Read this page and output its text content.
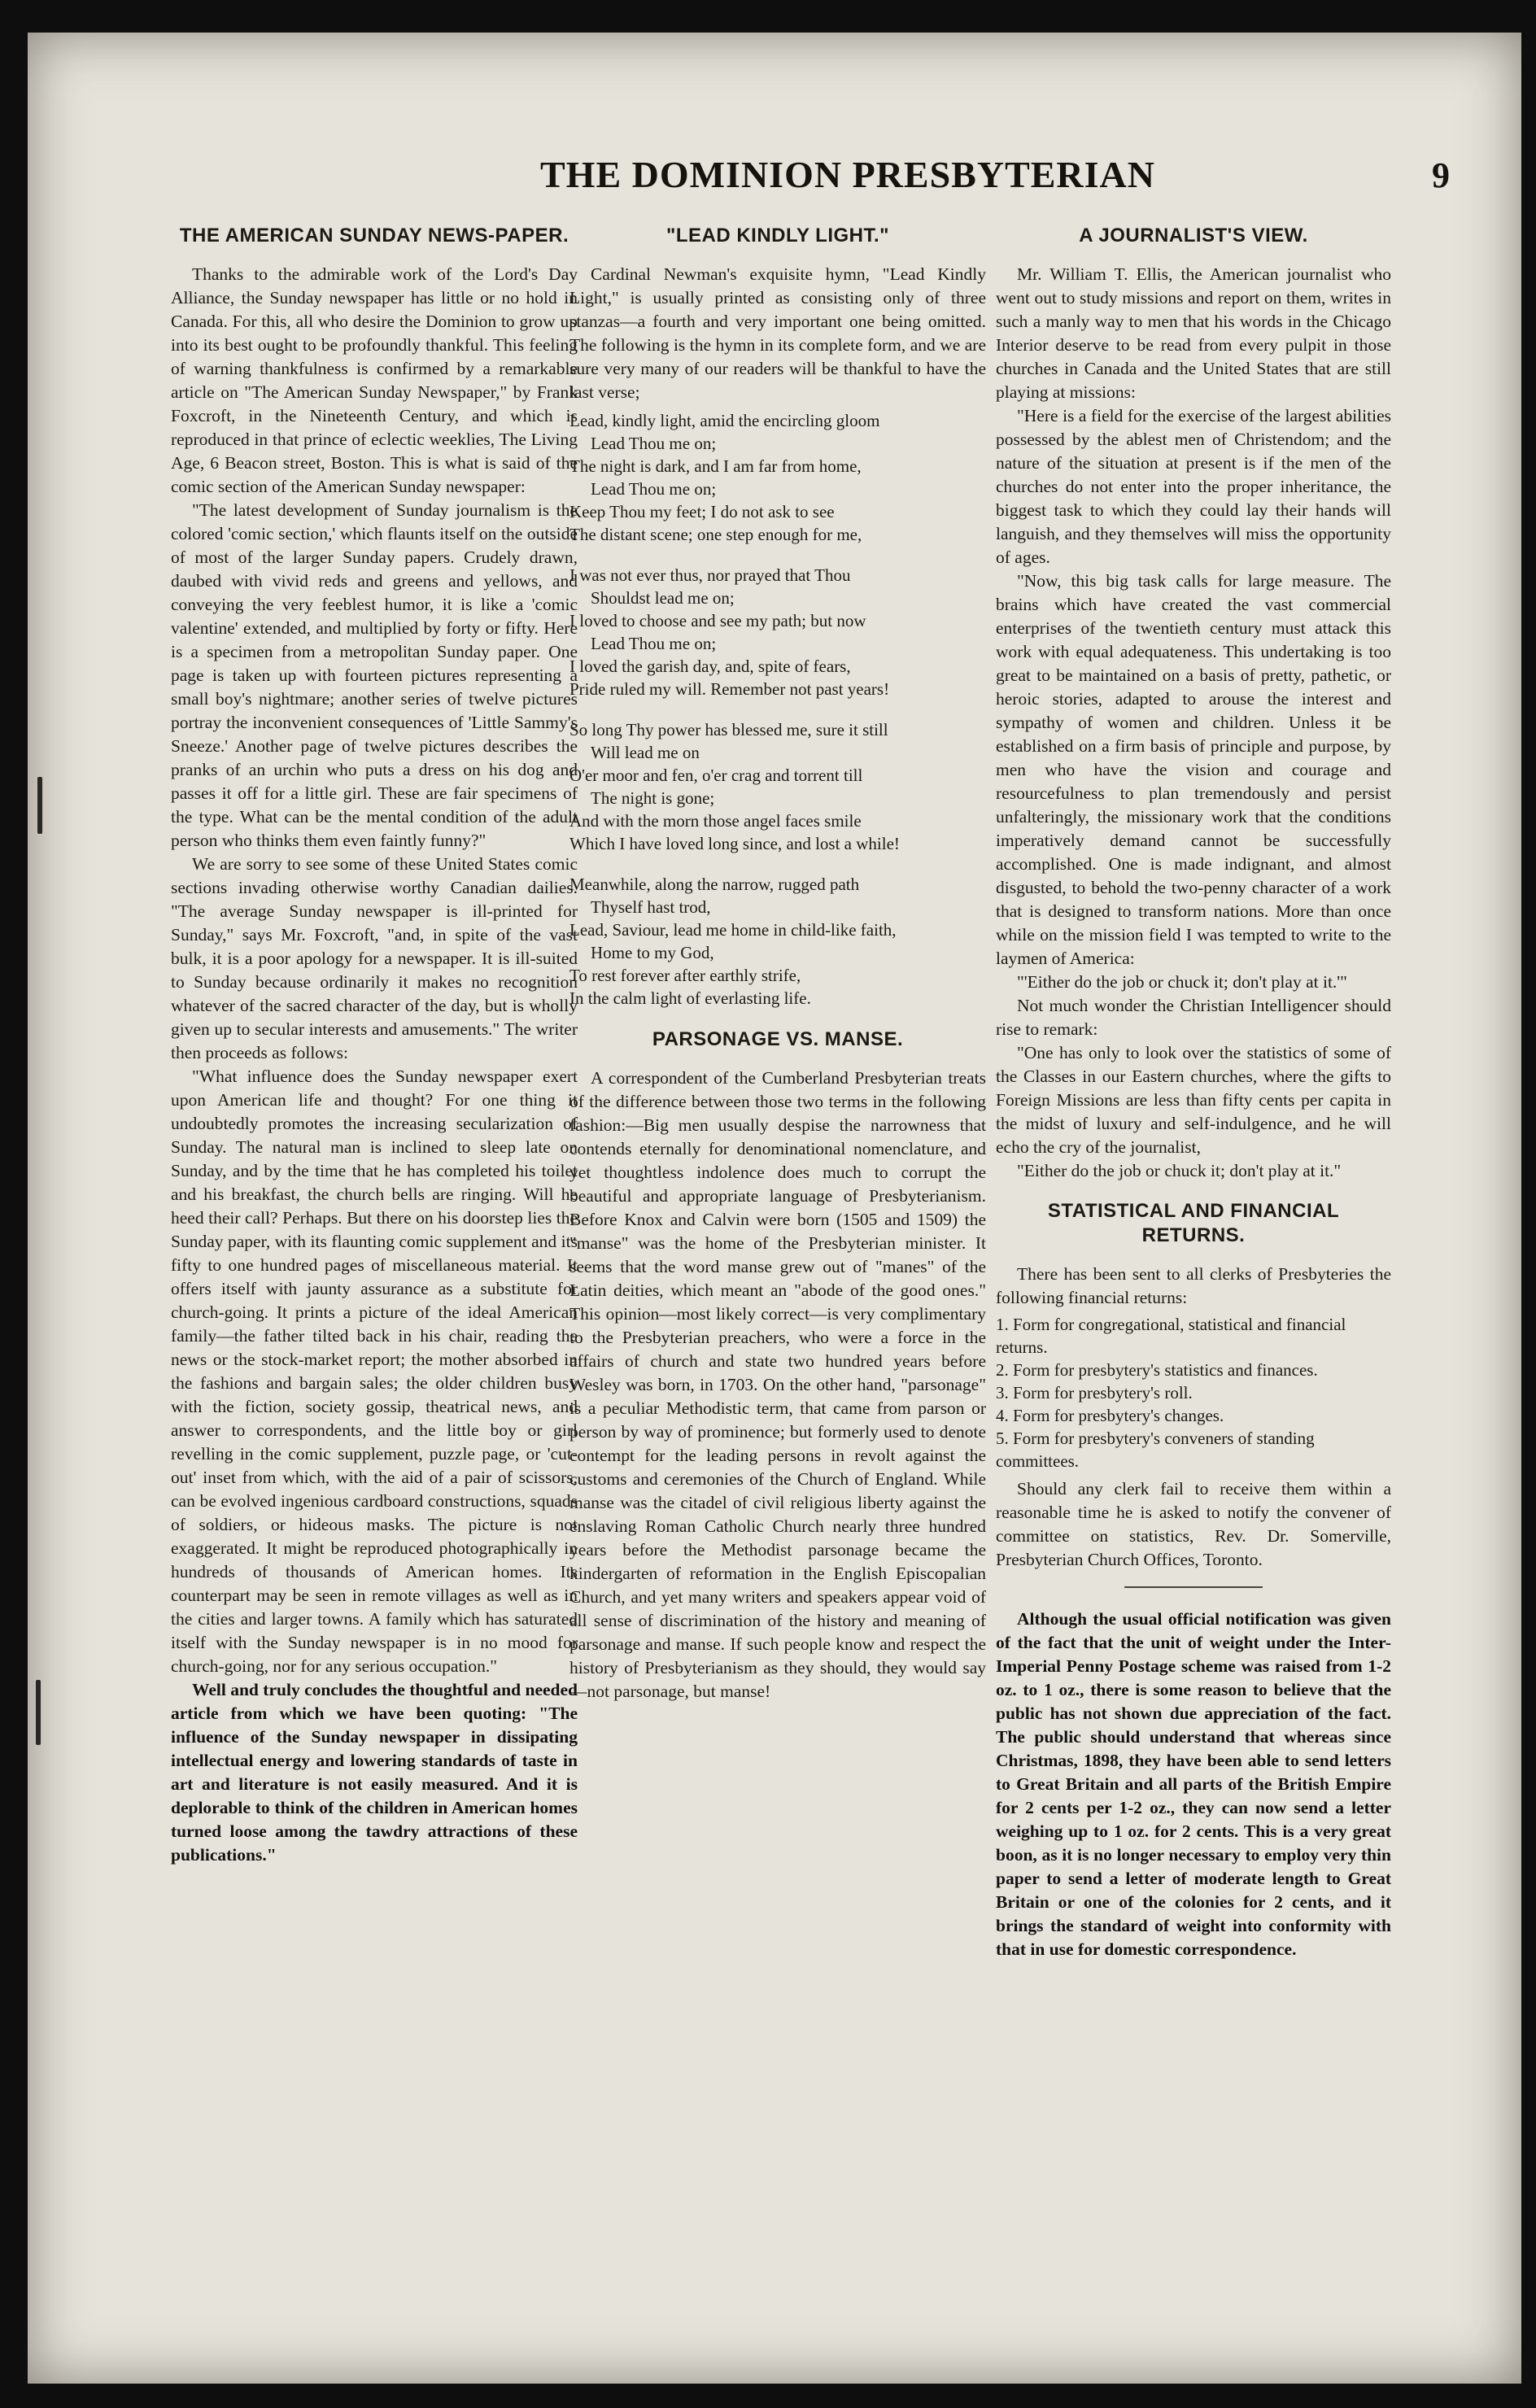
THE DOMINION PRESBYTERIAN	9
THE AMERICAN SUNDAY NEWS-PAPER.

Thanks to the admirable work of the Lord's Day Alliance, the Sunday newspaper has little or no hold in Canada. For this, all who desire the Dominion to grow up into its best ought to be profoundly thankful. This feeling of warning thankfulness is confirmed by a remarkable article on "The American Sunday Newspaper," by Frank Foxcroft, in the Nineteenth Century, and which is reproduced in that prince of eclectic weeklies, The Living Age, 6 Beacon street, Boston. This is what is said of the comic section of the American Sunday newspaper:

"The latest development of Sunday journalism is the colored 'comic section,' which flaunts itself on the outside of most of the larger Sunday papers. Crudely drawn, daubed with vivid reds and greens and yellows, and conveying the very feeblest humor, it is like a 'comic valentine' extended, and multiplied by forty or fifty. Here is a specimen from a metropolitan Sunday paper. One page is taken up with fourteen pictures representing a small boy's nightmare; another series of twelve pictures portray the inconvenient consequences of 'Little Sammy's Sneeze.' Another page of twelve pictures describes the pranks of an urchin who puts a dress on his dog and passes it off for a little girl. These are fair specimens of the type. What can be the mental condition of the adult person who thinks them even faintly funny?"

We are sorry to see some of these United States comic sections invading otherwise worthy Canadian dailies. "The average Sunday newspaper is ill-printed for Sunday," says Mr. Foxcroft, "and, in spite of the vast bulk, it is a poor apology for a newspaper. It is ill-suited to Sunday because ordinarily it makes no recognition whatever of the sacred character of the day, but is wholly given up to secular interests and amusements." The writer then proceeds as follows:

"What influence does the Sunday newspaper exert upon American life and thought? For one thing it undoubtedly promotes the increasing secularization of Sunday. The natural man is inclined to sleep late on Sunday, and by the time that he has completed his toilet and his breakfast, the church bells are ringing. Will he heed their call? Perhaps. But there on his doorstep lies the Sunday paper, with its flaunting comic supplement and its fifty to one hundred pages of miscellaneous material. It offers itself with jaunty assurance as a substitute for church-going. It prints a picture of the ideal American family—the father tilted back in his chair, reading the news or the stock-market report; the mother absorbed in the fashions and bargain sales; the older children busy with the fiction, society gossip, theatrical news, and answer to correspondents, and the little boy or girl revelling in the comic supplement, puzzle page, or 'cut-out' inset from which, with the aid of a pair of scissors, can be evolved ingenious cardboard constructions, squads of soldiers, or hideous masks. The picture is not exaggerated. It might be reproduced photographically in hundreds of thousands of American homes. Its counterpart may be seen in remote villages as well as in the cities and larger towns. A family which has saturated itself with the Sunday newspaper is in no mood for church-going, nor for any serious occupation."

Well and truly concludes the thoughtful and needed article from which we have been quoting: "The influence of the Sunday newspaper in dissipating intellectual energy and lowering standards of taste in art and literature is not easily measured. And it is deplorable to think of the children in American homes turned loose among the tawdry attractions of these publications."

"LEAD KINDLY LIGHT."

Cardinal Newman's exquisite hymn, "Lead Kindly Light," is usually printed as consisting only of three stanzas—a fourth and very important one being omitted. The following is the hymn in its complete form, and we are sure very many of our readers will be thankful to have the last verse;

Lead, kindly light, amid the encircling gloom

Lead Thou me on;

The night is dark, and I am far from home,

Lead Thou me on;

Keep Thou my feet; I do not ask to see

The distant scene; one step enough for me,

I was not ever thus, nor prayed that Thou

Shouldst lead me on;

I loved to choose and see my path; but now

Lead Thou me on;

I loved the garish day, and, spite of fears,

Pride ruled my will. Remember not past years!

So long Thy power has blessed me, sure it still

Will lead me on

O'er moor and fen, o'er crag and torrent till

The night is gone;

And with the morn those angel faces smile

Which I have loved long since, and lost a while!

Meanwhile, along the narrow, rugged path

Thyself hast trod,

Lead, Saviour, lead me home in child-like faith,

Home to my God,

To rest forever after earthly strife,

In the calm light of everlasting life.

PARSONAGE VS. MANSE.

A correspondent of the Cumberland Presbyterian treats of the difference between those two terms in the following fashion:—Big men usually despise the narrowness that contends eternally for denominational nomenclature, and yet thoughtless indolence does much to corrupt the beautiful and appropriate language of Presbyterianism. Before Knox and Calvin were born (1505 and 1509) the "manse" was the home of the Presbyterian minister. It seems that the word manse grew out of "manes" of the Latin deities, which meant an "abode of the good ones." This opinion—most likely correct—is very complimentary to the Presbyterian preachers, who were a force in the affairs of church and state two hundred years before Wesley was born, in 1703. On the other hand, "parsonage" is a peculiar Methodistic term, that came from parson or person by way of prominence; but formerly used to denote contempt for the leading persons in revolt against the customs and ceremonies of the Church of England. While manse was the citadel of civil religious liberty against the enslaving Roman Catholic Church nearly three hundred years before the Methodist parsonage became the kindergarten of reformation in the English Episcopalian Church, and yet many writers and speakers appear void of all sense of discrimination of the history and meaning of parsonage and manse. If such people know and respect the history of Presbyterianism as they should, they would say—not parsonage, but manse!

A JOURNALIST'S VIEW.

Mr. William T. Ellis, the American journalist who went out to study missions and report on them, writes in such a manly way to men that his words in the Chicago Interior deserve to be read from every pulpit in those churches in Canada and the United States that are still playing at missions:

"Here is a field for the exercise of the largest abilities possessed by the ablest men of Christendom; and the nature of the situation at present is if the men of the churches do not enter into the proper inheritance, the biggest task to which they could lay their hands will languish, and they themselves will miss the opportunity of ages.

"Now, this big task calls for large measure. The brains which have created the vast commercial enterprises of the twentieth century must attack this work with equal adequateness. This undertaking is too great to be maintained on a basis of pretty, pathetic, or heroic stories, adapted to arouse the interest and sympathy of women and children. Unless it be established on a firm basis of principle and purpose, by men who have the vision and courage and resourcefulness to plan tremendously and persist unfalteringly, the missionary work that the conditions imperatively demand cannot be successfully accomplished. One is made indignant, and almost disgusted, to behold the two-penny character of a work that is designed to transform nations. More than once while on the mission field I was tempted to write to the laymen of America:

"'Either do the job or chuck it; don't play at it.'"

Not much wonder the Christian Intelligencer should rise to remark:

"One has only to look over the statistics of some of the Classes in our Eastern churches, where the gifts to Foreign Missions are less than fifty cents per capita in the midst of luxury and self-indulgence, and he will echo the cry of the journalist,

"Either do the job or chuck it; don't play at it."

STATISTICAL AND FINANCIAL RETURNS.

There has been sent to all clerks of Presbyteries the following financial returns:

1. Form for congregational, statistical and financial returns.
2. Form for presbytery's statistics and finances.
3. Form for presbytery's roll.
4. Form for presbytery's changes.
5. Form for presbytery's conveners of standing committees.

Should any clerk fail to receive them within a reasonable time he is asked to notify the convener of committee on statistics, Rev. Dr. Somerville, Presbyterian Church Offices, Toronto.

Although the usual official notification was given of the fact that the unit of weight under the Inter-Imperial Penny Postage scheme was raised from 1-2 oz. to 1 oz., there is some reason to believe that the public has not shown due appreciation of the fact. The public should understand that whereas since Christmas, 1898, they have been able to send letters to Great Britain and all parts of the British Empire for 2 cents per 1-2 oz., they can now send a letter weighing up to 1 oz. for 2 cents. This is a very great boon, as it is no longer necessary to employ very thin paper to send a letter of moderate length to Great Britain or one of the colonies for 2 cents, and it brings the standard of weight into conformity with that in use for domestic correspondence.
